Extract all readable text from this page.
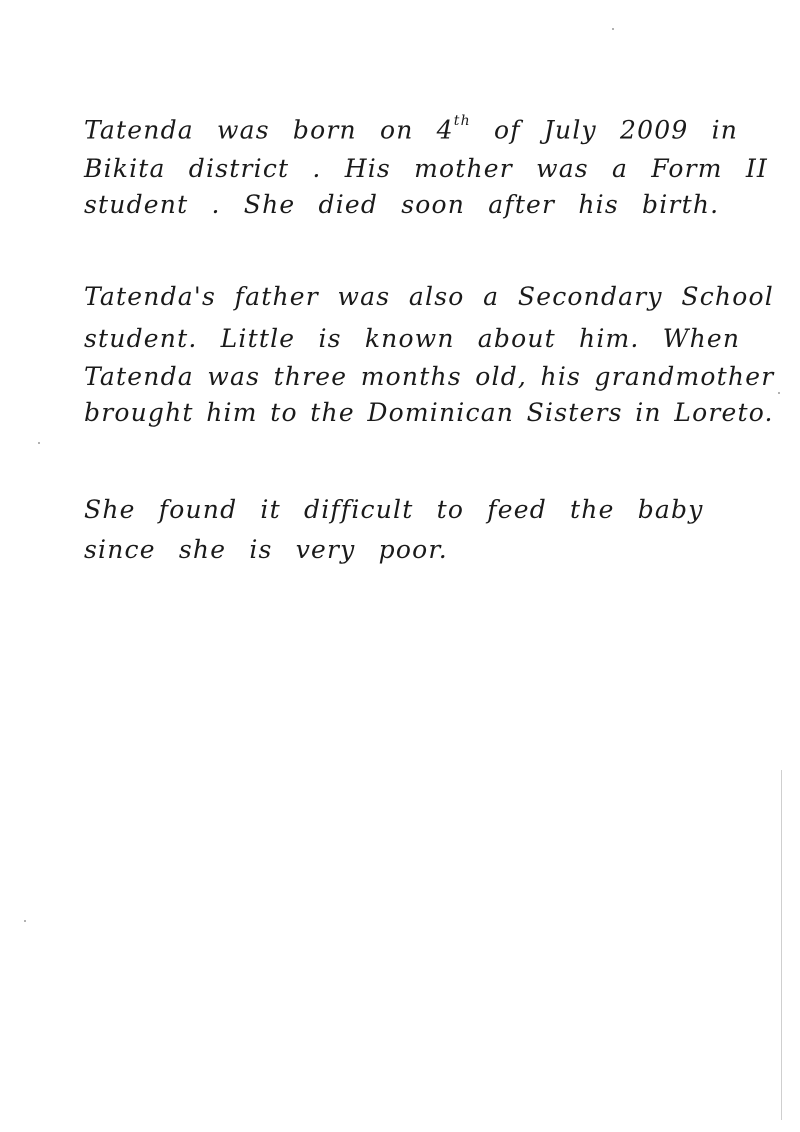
Tatenda was born on 4th of July 2009 in
Bikita district . His mother was a Form II
student . She died soon after his birth.
Tatenda's father was also a Secondary School
student. Little is known about him. When
Tatenda was three months old, his grandmother
brought him to the Dominican Sisters in Loreto.
She found it difficult to feed the baby
since she is very poor.
